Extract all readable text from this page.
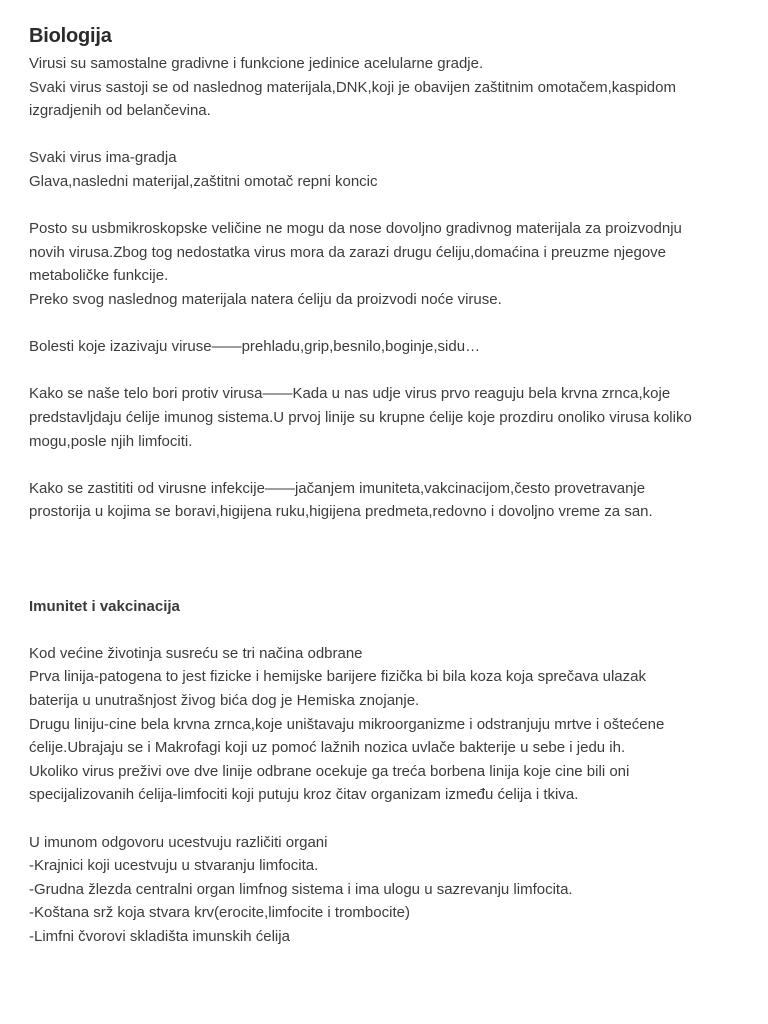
Biologija
Virusi su samostalne gradivne i funkcione jedinice acelularne gradje.
Svaki virus sastoji se od naslednog materijala,DNK,koji je obavijen zaštitnim omotačem,kaspidom
izgradjenih od belančevina.
Svaki virus ima-gradja
Glava,nasledni materijal,zaštitni omotač repni koncic
Posto su usbmikroskopske veličine ne mogu da nose dovoljno gradivnog materijala za proizvodnju
novih virusa.Zbog tog nedostatka virus mora da zarazi drugu ćeliju,domaćina i preuzme njegove
metaboličke funkcije.
Preko svog naslednog materijala natera ćeliju da proizvodi noće viruse.
Bolesti koje izazivaju viruse——prehladu,grip,besnilo,boginje,sidu…
Kako se naše telo bori protiv virusa——Kada u nas udje virus prvo reaguju bela krvna zrnca,koje
predstavljdaju ćelije imunog sistema.U prvoj linije su krupne ćelije koje prozdiru onoliko virusa koliko
mogu,posle njih limfociti.
Kako se zastititi od virusne infekcije——jačanjem imuniteta,vakcinacijom,često provetravanje
prostorija u kojima se boravi,higijena ruku,higijena predmeta,redovno i dovoljno vreme za san.
Imunitet i vakcinacija
Kod većine životinja susreću se tri načina odbrane
Prva linija-patogena to jest fizicke i hemijske barijere fizička bi bila koza koja sprečava ulazak
baterija u unutrašnjost živog bića dog je Hemiska znojanje.
Drugu liniju-cine bela krvna zrnca,koje uništavaju mikroorganizme i odstranjuju mrtve i oštećene
ćelije.Ubrajaju se i Makrofagi koji uz pomoć lažnih nozica uvlače bakterije u sebe i jedu ih.
Ukoliko virus preživi ove dve linije odbrane ocekuje ga treća borbena linija koje cine bili oni
specijalizovanih ćelija-limfociti koji putuju kroz čitav organizam između ćelija i tkiva.
U imunom odgovoru ucestvuju različiti organi
-Krajnici koji ucestvuju u stvaranju limfocita.
-Grudna žlezda centralni organ limfnog sistema i ima ulogu u sazrevanju limfocita.
-Koštana srž koja stvara krv(erocite,limfocite i trombocite)
-Limfni čvorovi skladišta imunskih ćelija
